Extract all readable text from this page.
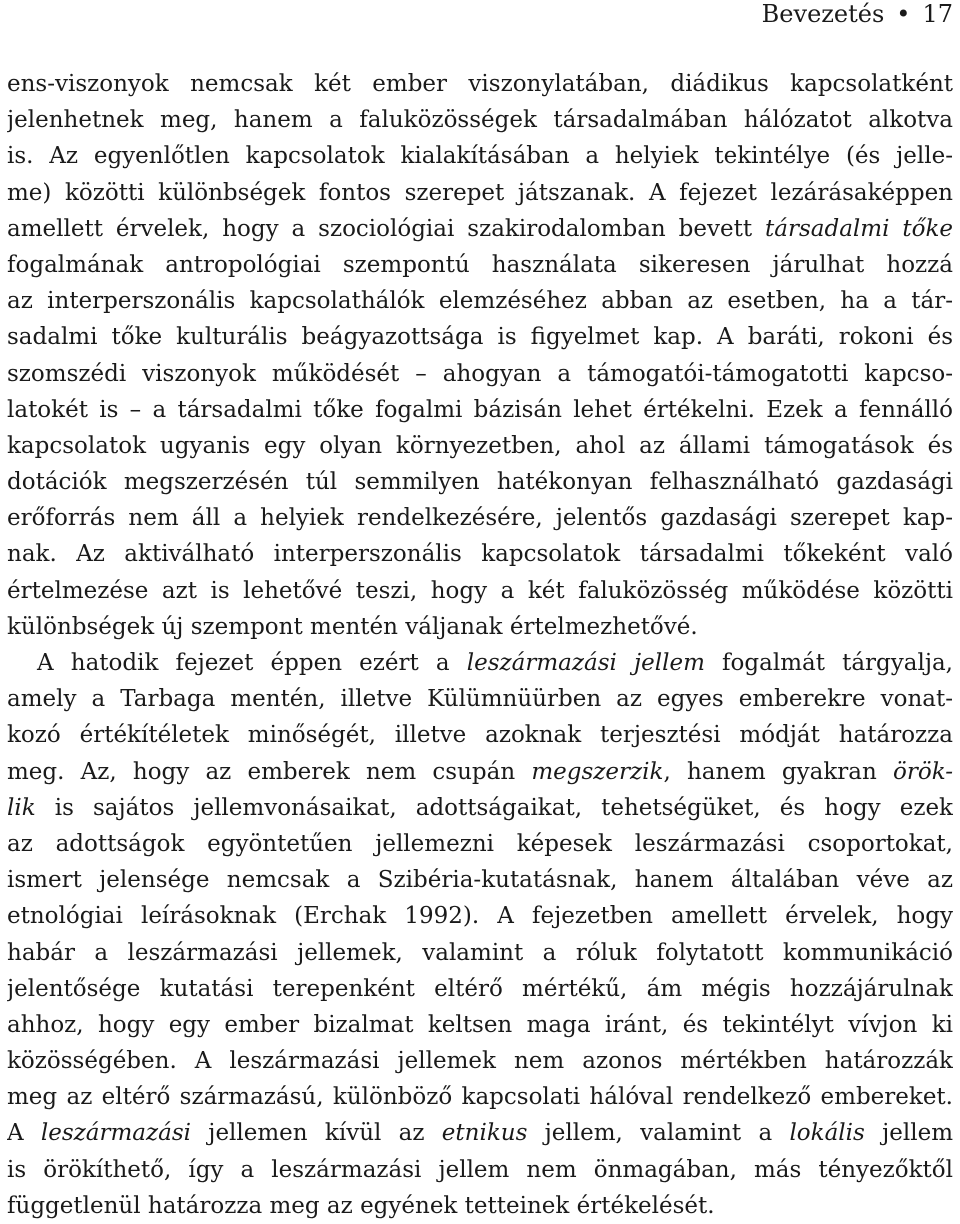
Bevezetés • 17
ens-viszonyok nemcsak két ember viszonylatában, diádikus kapcsolatként
jelenhetnek meg, hanem a faluközösségek társadalmában hálózatot alkotva
is. Az egyenlőtlen kapcsolatok kialakításában a helyiek tekintélye (és jelle-
me) közötti különbségek fontos szerepet játszanak. A fejezet lezárásaképpen
amellett érvelek, hogy a szociológiai szakirodalomban bevett társadalmi tőke
fogalmának antropológiai szempontú használata sikeresen járulhat hozzá
az interperszonális kapcsolathálók elemzéséhez abban az esetben, ha a tár-
sadalmi tőke kulturális beágyazottsága is figyelmet kap. A baráti, rokoni és
szomszédi viszonyok működését – ahogyan a támogatói-támogatotti kapcso-
latokét is – a társadalmi tőke fogalmi bázisán lehet értékelni. Ezek a fennálló
kapcsolatok ugyanis egy olyan környezetben, ahol az állami támogatások és
dotációk megszerzésén túl semmilyen hatékonyan felhasználható gazdasági
erőforrás nem áll a helyiek rendelkezésére, jelentős gazdasági szerepet kap-
nak. Az aktiválható interperszonális kapcsolatok társadalmi tőkeként való
értelmezése azt is lehetővé teszi, hogy a két faluközösség működése közötti
különbségek új szempont mentén váljanak értelmezhetővé.
A hatodik fejezet éppen ezért a leszármazási jellem fogalmát tárgyalja,
amely a Tarbaga mentén, illetve Külümnüürben az egyes emberekre vonat-
kozó értékítéletek minőségét, illetve azoknak terjesztési módját határozza
meg. Az, hogy az emberek nem csupán megszerzik, hanem gyakran örök-
lik is sajátos jellemvonásaikat, adottságaikat, tehetségüket, és hogy ezek
az adottságok egyöntetűen jellemezni képesek leszármazási csoportokat,
ismert jelensége nemcsak a Szibéria-kutatásnak, hanem általában véve az
etnológiai leírásoknak (Erchak 1992). A fejezetben amellett érvelek, hogy
habár a leszármazási jellemek, valamint a róluk folytatott kommunikáció
jelentősége kutatási terepenként eltérő mértékű, ám mégis hozzájárulnak
ahhoz, hogy egy ember bizalmat keltsen maga iránt, és tekintélyt vívjon ki
közösségében. A leszármazási jellemek nem azonos mértékben határozzák
meg az eltérő származású, különböző kapcsolati hálóval rendelkező embereket.
A leszármazási jellemen kívül az etnikus jellem, valamint a lokális jellem
is örökíthető, így a leszármazási jellem nem önmagában, más tényezőktől
függetlenül határozza meg az egyének tetteinek értékelését.
